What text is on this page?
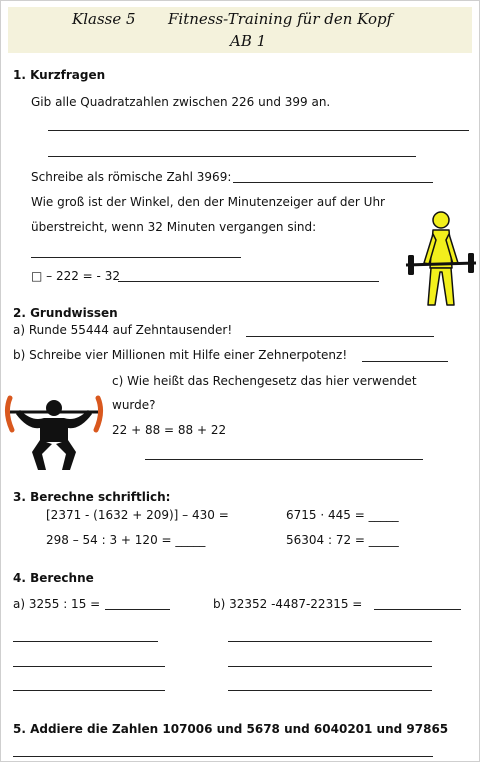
Klasse 5 Fitness-Training für den Kopf
AB 1
1. Kurzfragen
Gib alle Quadratzahlen zwischen 226 und 399 an.
Schreibe als römische Zahl 3969:
Wie groß ist der Winkel, den der Minutenzeiger auf der Uhr
überstreicht, wenn 32 Minuten vergangen sind:
□ – 222 = - 32
2. Grundwissen
a) Runde 55444 auf Zehntausender!
b) Schreibe vier Millionen mit Hilfe einer Zehnerpotenz!
c) Wie heißt das Rechengesetz das hier verwendet
wurde?
22 + 88 = 88 + 22
3. Berechne schriftlich:
[2371 - (1632 + 209)] – 430 =	6715 · 445 = _____
298 – 54 : 3 + 120 = _____	56304 : 72 = _____
4. Berechne
a) 3255 : 15 =	b) 32352 -4487-22315 =
5. Addiere die Zahlen 107006 und 5678 und 6040201 und 97865
